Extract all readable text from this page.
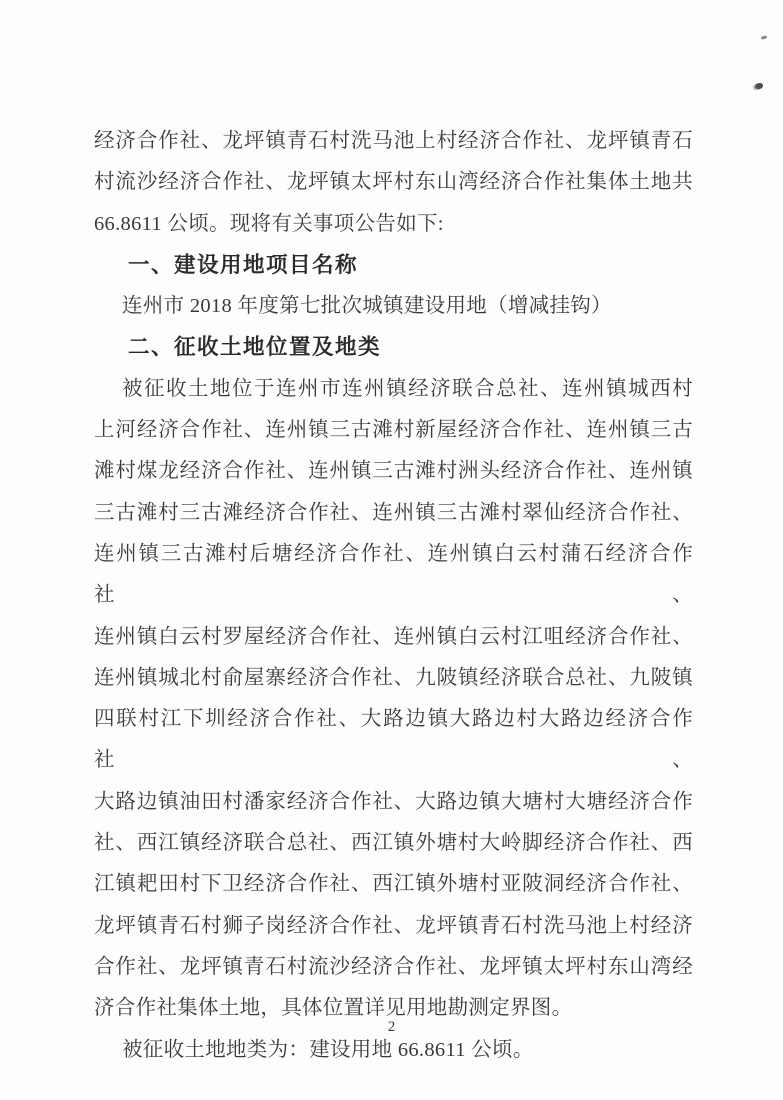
经济合作社、龙坪镇青石村洗马池上村经济合作社、龙坪镇青石
村流沙经济合作社、龙坪镇太坪村东山湾经济合作社集体土地共
66.8611 公顷。现将有关事项公告如下:
一、建设用地项目名称
连州市 2018 年度第七批次城镇建设用地（增减挂钩）
二、征收土地位置及地类
被征收土地位于连州市连州镇经济联合总社、连州镇城西村
上河经济合作社、连州镇三古滩村新屋经济合作社、连州镇三古
滩村煤龙经济合作社、连州镇三古滩村洲头经济合作社、连州镇
三古滩村三古滩经济合作社、连州镇三古滩村翠仙经济合作社、
连州镇三古滩村后塘经济合作社、连州镇白云村蒲石经济合作社、
连州镇白云村罗屋经济合作社、连州镇白云村江咀经济合作社、
连州镇城北村俞屋寨经济合作社、九陂镇经济联合总社、九陂镇
四联村江下圳经济合作社、大路边镇大路边村大路边经济合作社、
大路边镇油田村潘家经济合作社、大路边镇大塘村大塘经济合作
社、西江镇经济联合总社、西江镇外塘村大岭脚经济合作社、西
江镇耙田村下卫经济合作社、西江镇外塘村亚陂洞经济合作社、
龙坪镇青石村狮子岗经济合作社、龙坪镇青石村洗马池上村经济
合作社、龙坪镇青石村流沙经济合作社、龙坪镇太坪村东山湾经
济合作社集体土地，具体位置详见用地勘测定界图。
被征收土地地类为：建设用地 66.8611 公顷。
2
